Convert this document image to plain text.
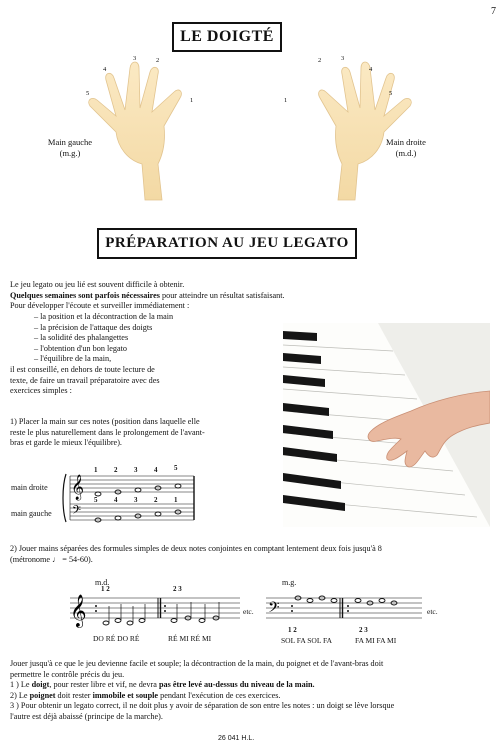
7
LE DOIGTÉ
5
4
3	2
1
Main gauche
(m.g.)
1
2	3
4
5
Main droite
(m.d.)
PRÉPARATION AU JEU LEGATO
Le jeu legato ou jeu lié est souvent difficile à obtenir.
Quelques semaines sont parfois nécessaires pour atteindre un résultat satisfaisant.
Pour développer l'écoute et surveiller immédiatement :
– la position et la décontraction de la main
– la précision de l'attaque des doigts
– la solidité des phalangettes
– l'obtention d'un bon legato
– l'équilibre de la main,
il est conseillé, en dehors de toute lecture de
texte, de faire un travail préparatoire avec des
exercices simples :
1) Placer la main sur ces notes (position dans laquelle elle
reste le plus naturellement dans le prolongement de l'avant-
bras et garde le mieux l'équilibre).
main droite
main gauche
𝄞
𝄢
1 2 3 4 5
5 4 3 2 1
2) Jouer mains séparées des formules simples de deux notes conjointes en comptant lentement deux fois jusqu'à 8
(métronome ♩ = 54-60).
m.d.	m.g.
𝄞	𝄢	etc.
etc.
1 2	2 3
1 2	2 3
DO RÉ DO RÉ	RÉ MI RÉ MI	SOL FA SOL FA	FA MI FA MI
Jouer jusqu'à ce que le jeu devienne facile et souple; la décontraction de la main, du poignet et de l'avant-bras doit
permettre le contrôle précis du jeu.
1 ) Le doigt, pour rester libre et vif, ne devra pas être levé au-dessus du niveau de la main.
2) Le poignet doit rester immobile et souple pendant l'exécution de ces exercices.
3 ) Pour obtenir un legato correct, il ne doit plus y avoir de séparation de son entre les notes : un doigt se lève lorsque
l'autre est déjà abaissé (principe de la marche).
26 041 H.L.
